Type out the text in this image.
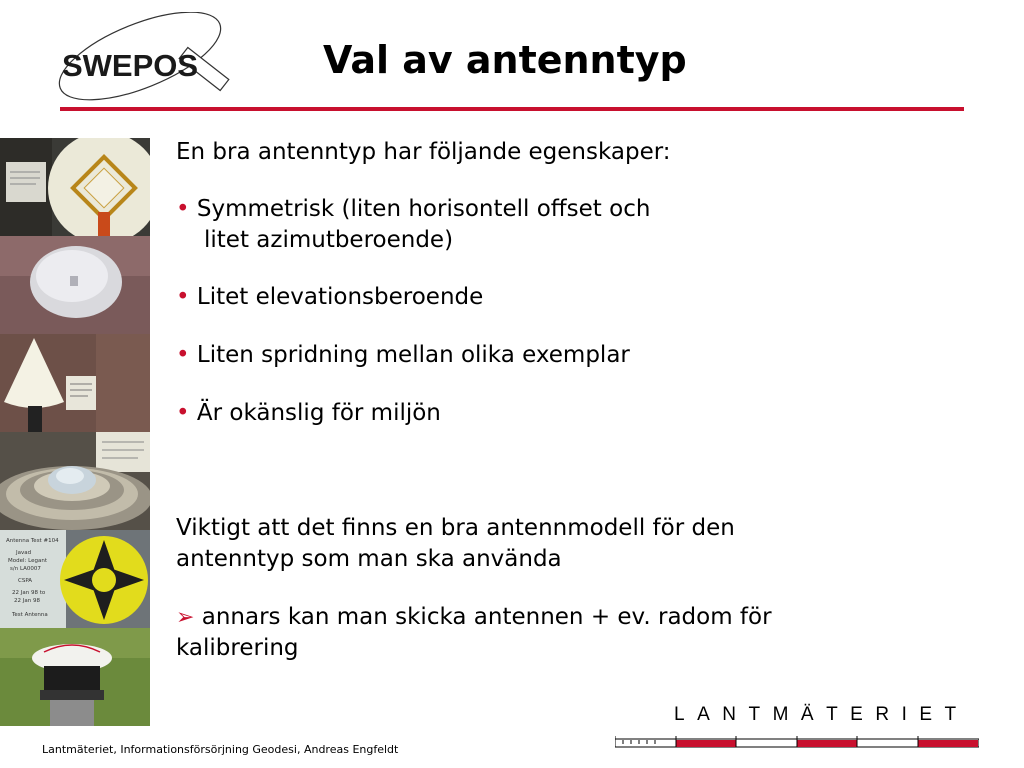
SWEPOS	Val av antenntyp
Antenna Test #104
Javad
Model: Legant
s/n LA0007
CSPA
22 Jan 98 to
22 Jan 98
Test Antenna
En bra antenntyp har följande egenskaper:
• Symmetrisk (liten horisontell offset och
litet azimutberoende)
• Litet elevationsberoende
• Liten spridning mellan olika exemplar
• Är okänslig för miljön
Viktigt att det finns en bra antennmodell för den
antenntyp som man ska använda
➢ annars kan man skicka antennen + ev. radom för
kalibrering
Lantmäteriet, Informationsförsörjning Geodesi, Andreas Engfeldt
LANTMÄTERIET
